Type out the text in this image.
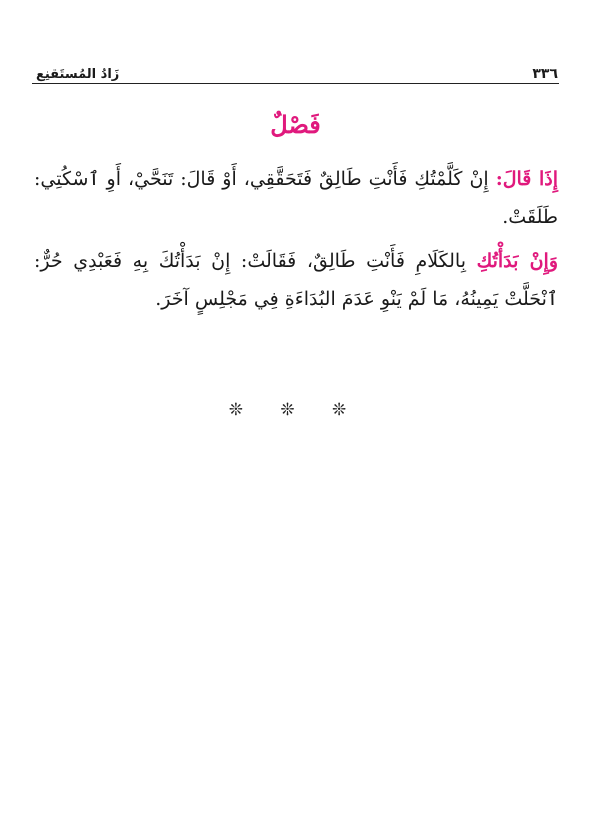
زَادُ المُستَقنِع	٣٣٦
فَصْلٌ

إِذَا قَالَ: إِنْ كَلَّمْتُكِ فَأَنْتِ طَالِقٌ فَتَحَقَّقِي، أَوْ قَالَ: تَنَحَّيْ، أَوِ ٱسْكُتِي: طَلَقَتْ.

وَإِنْ بَدَأْتُكِ بِالكَلَامِ فَأَنْتِ طَالِقٌ، فَقَالَتْ: إِنْ بَدَأْتُكَ بِهِ فَعَبْدِي حُرٌّ: ٱنْحَلَّتْ يَمِينُهُ، مَا لَمْ يَنْوِ عَدَمَ البُدَاءَةِ فِي مَجْلِسٍ آخَرَ.

❊ ❊ ❊
